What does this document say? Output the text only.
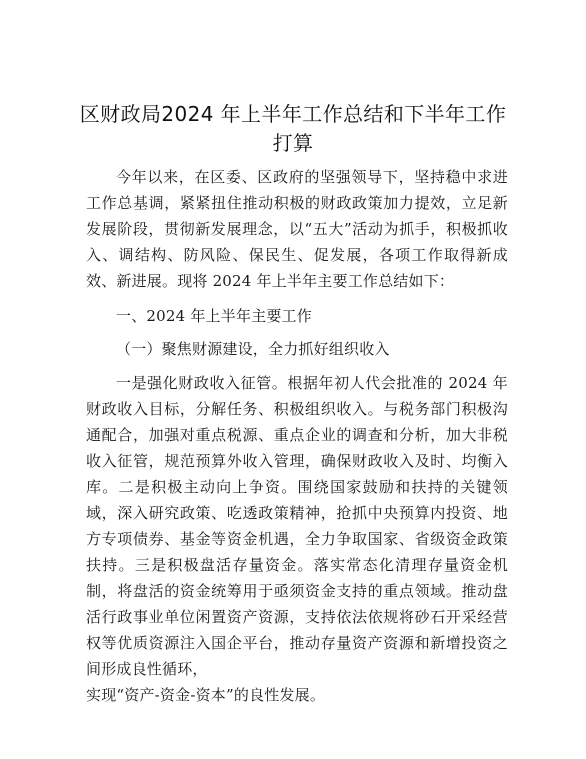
区财政局2024 年上半年工作总结和下半年工作
打算

今年以来，在区委、区政府的坚强领导下，坚持稳中求进工作总基调，紧紧扭住推动积极的财政政策加力提效，立足新发展阶段，贯彻新发展理念，以“五大”活动为抓手，积极抓收入、调结构、防风险、保民生、促发展，各项工作取得新成效、新进展。现将 2024 年上半年主要工作总结如下：

一、2024 年上半年主要工作

（一）聚焦财源建设，全力抓好组织收入

一是强化财政收入征管。根据年初人代会批准的 2024 年财政收入目标，分解任务、积极组织收入。与税务部门积极沟通配合，加强对重点税源、重点企业的调查和分析，加大非税收入征管，规范预算外收入管理，确保财政收入及时、均衡入库。二是积极主动向上争资。围绕国家鼓励和扶持的关键领域，深入研究政策、吃透政策精神，抢抓中央预算内投资、地方专项债券、基金等资金机遇，全力争取国家、省级资金政策扶持。三是积极盘活存量资金。落实常态化清理存量资金机制，将盘活的资金统筹用于亟须资金支持的重点领域。推动盘活行政事业单位闲置资产资源，支持依法依规将砂石开采经营权等优质资源注入国企平台，推动存量资产资源和新增投资之间形成良性循环，

实现“资产-资金-资本”的良性发展。
